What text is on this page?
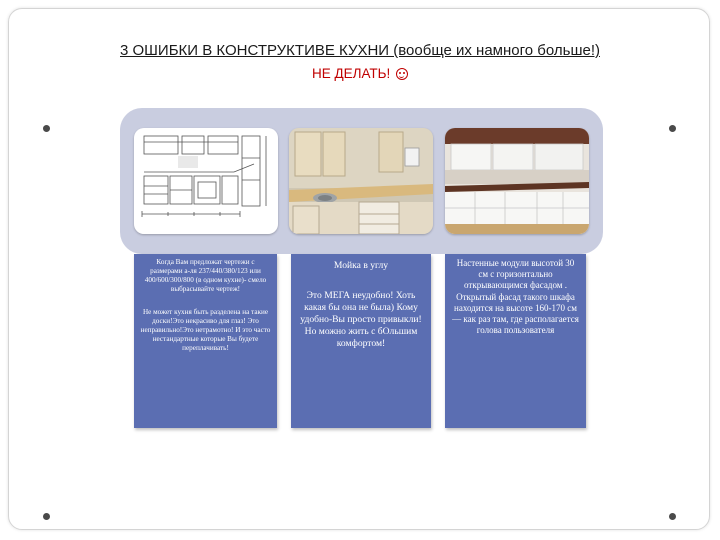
3 ОШИБКИ В КОНСТРУКТИВЕ КУХНИ (вообще их намного больше!)
НЕ ДЕЛАТЬ!

Когда Вам предложат чертежи с размерами а-ля 237/440/380/123 или 400/600/300/800 (в одном кухне)- смело выбрасывайте чертеж!

Не может кухня быть разделена на такие доски!Это некрасиво для глаз! Это неправильно!Это нетрамотно! И это часто нестандартные которые Вы будете переплачивать!

Мойка в углу

Это МЕГА неудобно! Хоть какая бы она не была) Кому удобно-Вы просто привыкли! Но можно жить с бОльшим комфортом!

Настенные модули высотой 30 см с горизонтально открывающимся фасадом . Открытый фасад такого шкафа находится на высоте 160-170 см — как раз там, где располагается голова пользователя
